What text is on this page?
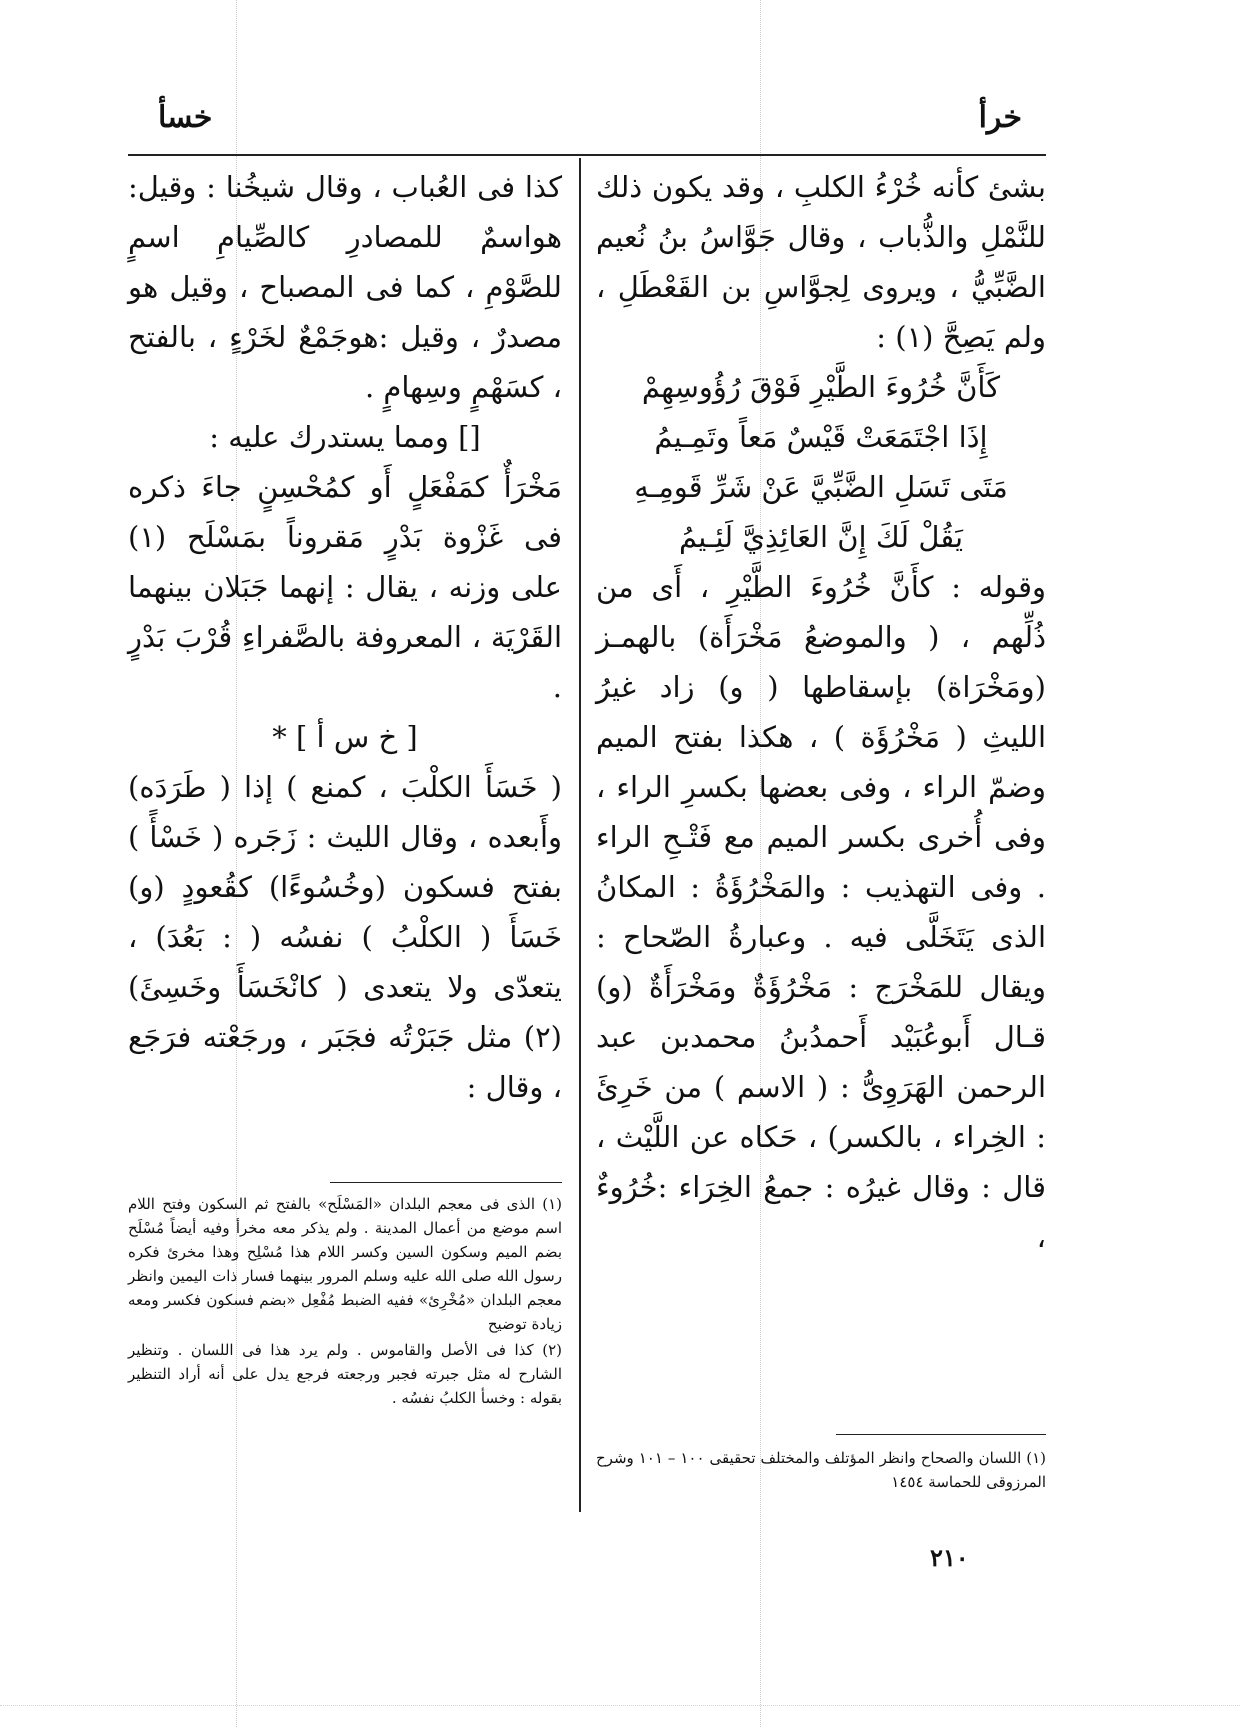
خرأ
خسأ

بشئ كأنه خُرْءُ الكلبِ ، وقد يكون ذلك للنَّمْلِ والذُّباب ، وقال جَوَّاسُ بنُ نُعيم الضَّبِّيُّ ، ويروى لِجوَّاسِ بن القَعْطَلِ ، ولم يَصِحَّ (١) :

كَأَنَّ خُرُوءَ الطَّيْرِ فَوْقَ رُؤُوسِهِمْ

إِذَا اجْتَمَعَتْ قَيْسٌ مَعاً وتَمِـيمُ

مَتَى تَسَلِ الضَّبِّيَّ عَنْ شَرِّ قَومِـهِ

يَقُلْ لَكَ إِنَّ العَائِذِيَّ لَئِـيمُ

وقوله : كأَنَّ خُرُوءَ الطَّيْرِ ، أَى من ذُلِّهم ، ( والموضعُ مَخْرَأَة) بالهمـز (ومَخْرَاة) بإسقاطها ( و) زاد غيرُ الليثِ ( مَخْرُؤَة ) ، هكذا بفتح الميم وضمّ الراء ، وفى بعضها بكسرِ الراء ، وفى أُخرى بكسر الميم مع فَتْـحِ الراء . وفى التهذيب : والمَخْرُؤَةُ : المكانُ الذى يَتَخَلَّى فيه . وعبارةُ الصّحاح : ويقال للمَخْرَج : مَخْرُؤَةٌ ومَخْرَأَةٌ (و) قـال أَبوعُبَيْد أَحمدُبنُ محمدبن عبد الرحمن الهَرَوِىُّ : ( الاسم ) من خَرِئَ : الخِراء ، بالكسر) ، حَكاه عن اللَّيْث ، قال : وقال غيرُه : جمعُ الخِرَاء :خُرُوءٌ ،

كذا فى العُباب ، وقال شيخُنا : وقيل: هواسمٌ للمصادرِ كالصِّيامِ اسمٍ للصَّوْمِ ، كما فى المصباح ، وقيل هو مصدرٌ ، وقيل :هوجَمْعٌ لخَرْءٍ ، بالفتح ، كسَهْمٍ وسِهامٍ .

[] ومما يستدرك عليه :

مَخْرَأٌ كمَفْعَلٍ أَو كمُحْسِنٍ جاءَ ذكره فى غَزْوة بَدْرٍ مَقروناً بمَسْلَح (١) على وزنه ، يقال : إنهما جَبَلان بينهما القَرْيَة ، المعروفة بالصَّفراءِ قُرْبَ بَدْرٍ .

[ خ س أ ] *

( خَسَأَ الكلْبَ ، كمنع ) إذا ( طَرَدَه) وأَبعده ، وقال الليث : زَجَره ( خَسْأً ) بفتح فسكون (وخُسُوءًا) كقُعودٍ (و) خَسَأَ ( الكلْبُ ) نفسُه ( : بَعُدَ) ، يتعدّى ولا يتعدى ( كانْخَسَأَ وخَسِئَ) (٢) مثل جَبَرْتُه فجَبَر ، ورجَعْته فرَجَع ، وقال :

(١) الذى فى معجم البلدان «المَسْلَح» بالفتح ثم السكون وفتح اللام اسم موضع من أعمال المدينة . ولم يذكر معه مخرأ وفيه أيضاً مُسْلَح بضم الميم وسكون السين وكسر اللام هذا مُسْلِح وهذا مخرئ فكره رسول الله صلى الله عليه وسلم المرور بينهما فسار ذات اليمين وانظر معجم البلدان «مُخْرِئ» ففيه الضبط مُفْعِل «بضم فسكون فكسر ومعه زيادة توضيح

(٢) كذا فى الأصل والقاموس . ولم يرد هذا فى اللسان . وتنظير الشارح له مثل جبرته فجبر ورجعته فرجع يدل على أنه أراد التنظير بقوله : وخسأ الكلبُ نفسُه .

(١) اللسان والصحاح وانظر المؤتلف والمختلف تحقيقى ١٠٠ – ١٠١ وشرح المرزوقى للحماسة ١٤٥٤

٢١٠
